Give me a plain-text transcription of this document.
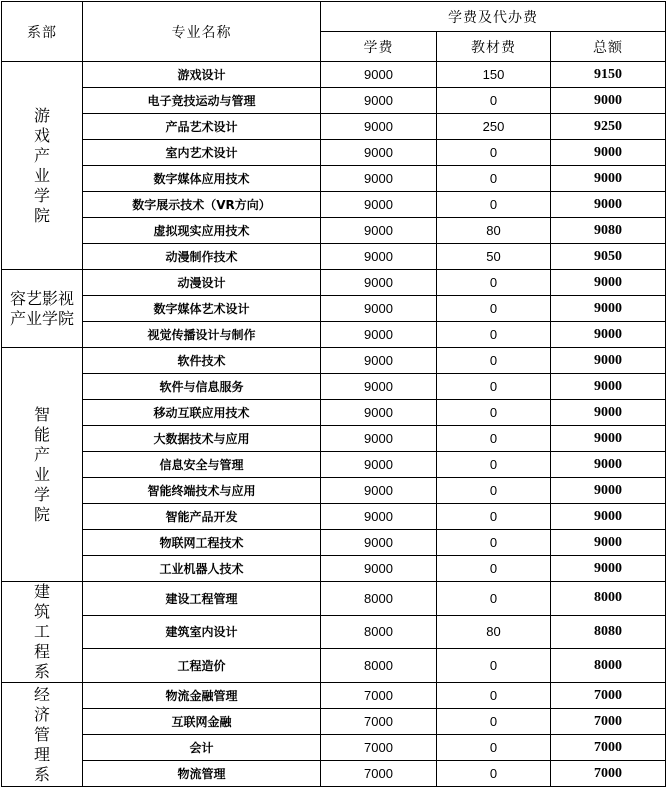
系部	专业名称	学费及代办费		
		学费	教材费	总额
游戏产业学院	游戏设计	9000	150	9150
	电子竞技运动与管理	9000	0	9000
	产品艺术设计	9000	250	9250
	室内艺术设计	9000	0	9000
	数字媒体应用技术	9000	0	9000
	数字展示技术（VR方向）	9000	0	9000
	虚拟现实应用技术	9000	80	9080
	动漫制作技术	9000	50	9050
容艺影视产业学院	动漫设计	9000	0	9000
	数字媒体艺术设计	9000	0	9000
	视觉传播设计与制作	9000	0	9000
智能产业学院	软件技术	9000	0	9000
	软件与信息服务	9000	0	9000
	移动互联应用技术	9000	0	9000
	大数据技术与应用	9000	0	9000
	信息安全与管理	9000	0	9000
	智能终端技术与应用	9000	0	9000
	智能产品开发	9000	0	9000
	物联网工程技术	9000	0	9000
	工业机器人技术	9000	0	9000
建筑工程系	建设工程管理	8000	0	8000
	建筑室内设计	8000	80	8080
	工程造价	8000	0	8000
经济管理系	物流金融管理	7000	0	7000
	互联网金融	7000	0	7000
	会计	7000	0	7000
	物流管理	7000	0	7000
